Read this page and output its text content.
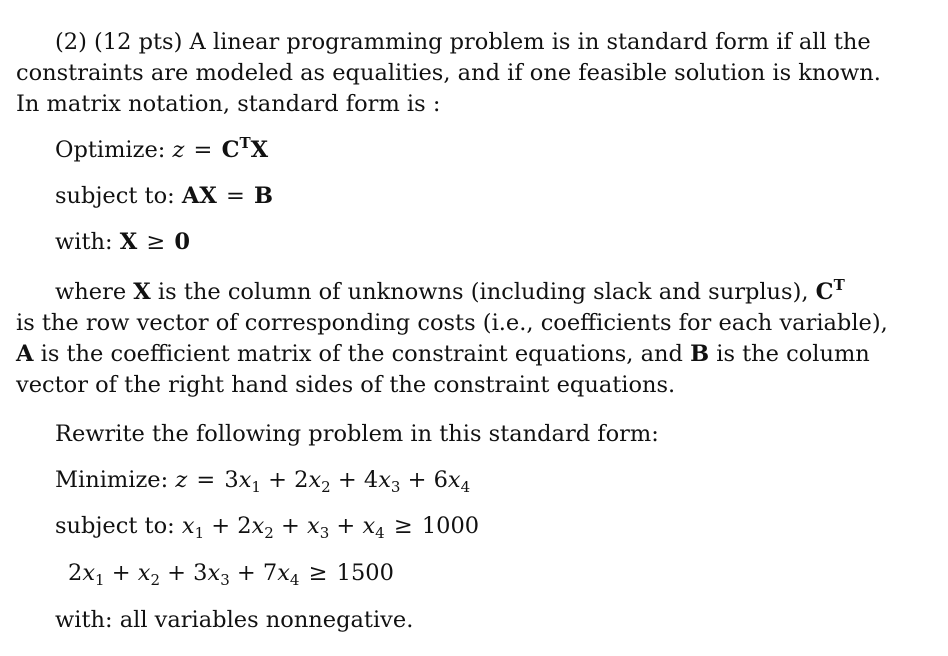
(2) (12 pts) A linear programming problem is in standard form if all the
constraints are modeled as equalities, and if one feasible solution is known.
In matrix notation, standard form is :
Optimize: $z = C^TX$
subject to: AX = B
with: X ≥ 0
where X is the column of unknowns (including slack and surplus), $C^T$
is the row vector of corresponding costs (i.e., coefficients for each variable),
A is the coefficient matrix of the constraint equations, and B is the column
vector of the right hand sides of the constraint equations.
Rewrite the following problem in this standard form:
Minimize: $z = 3x_1 + 2x_2 + 4x_3 + 6x_4$
subject to: $x_1 + 2x_2 + x_3 + x_4 \ge 1000$
$2x_1 + x_2 + 3x_3 + 7x_4 \ge 1500$
with: all variables nonnegative.
